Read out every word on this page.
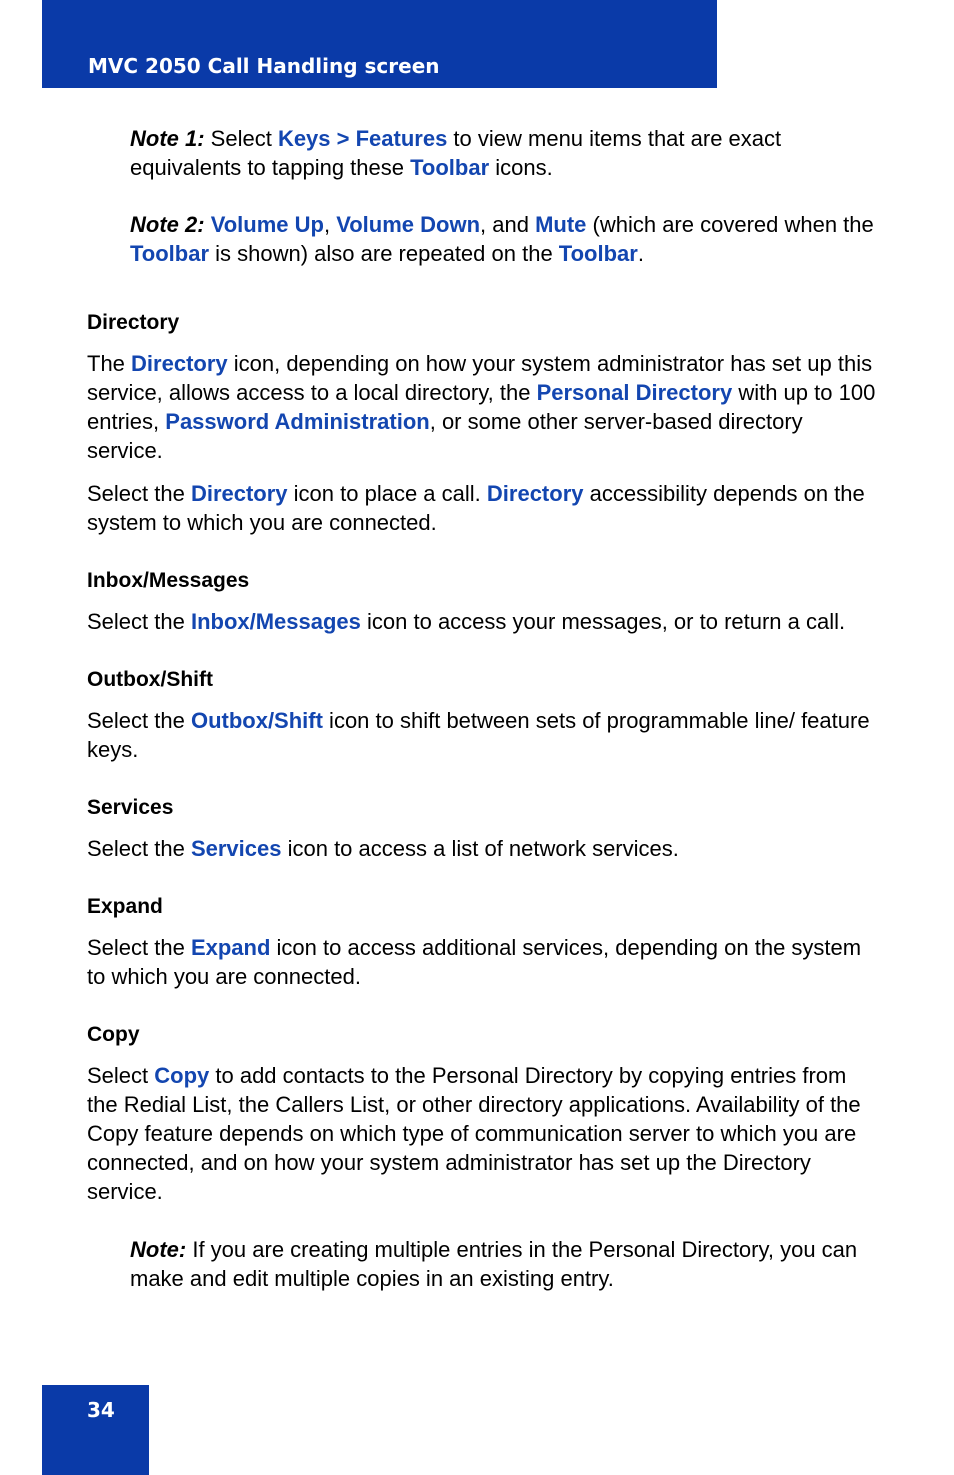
MVC 2050 Call Handling screen
Note 1: Select Keys > Features to view menu items that are exact equivalents to tapping these Toolbar icons.
Note 2: Volume Up, Volume Down, and Mute (which are covered when the Toolbar is shown) also are repeated on the Toolbar.
Directory
The Directory icon, depending on how your system administrator has set up this service, allows access to a local directory, the Personal Directory with up to 100 entries, Password Administration, or some other server-based directory service.
Select the Directory icon to place a call. Directory accessibility depends on the system to which you are connected.
Inbox/Messages
Select the Inbox/Messages icon to access your messages, or to return a call.
Outbox/Shift
Select the Outbox/Shift icon to shift between sets of programmable line/ feature keys.
Services
Select the Services icon to access a list of network services.
Expand
Select the Expand icon to access additional services, depending on the system to which you are connected.
Copy
Select Copy to add contacts to the Personal Directory by copying entries from the Redial List, the Callers List, or other directory applications. Availability of the Copy feature depends on which type of communication server to which you are connected, and on how your system administrator has set up the Directory service.
Note: If you are creating multiple entries in the Personal Directory, you can make and edit multiple copies in an existing entry.
34
